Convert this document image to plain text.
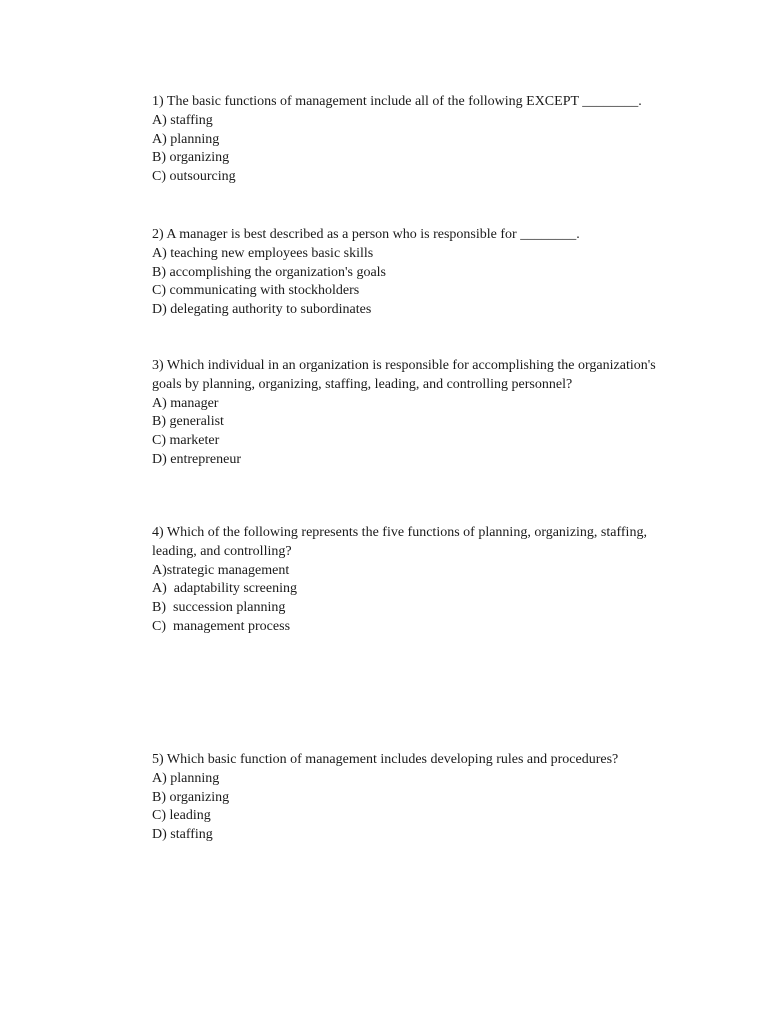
1) The basic functions of management include all of the following EXCEPT ________.
A) staffing
A) planning
B) organizing
C) outsourcing
2) A manager is best described as a person who is responsible for ________.
A) teaching new employees basic skills
B) accomplishing the organization's goals
C) communicating with stockholders
D) delegating authority to subordinates
3) Which individual in an organization is responsible for accomplishing the organization's goals by planning, organizing, staffing, leading, and controlling personnel?
A) manager
B) generalist
C) marketer
D) entrepreneur
4) Which of the following represents the five functions of planning, organizing, staffing, leading, and controlling?
A)strategic management
A)  adaptability screening
B)  succession planning
C)  management process
5) Which basic function of management includes developing rules and procedures?
A) planning
B) organizing
C) leading
D) staffing
